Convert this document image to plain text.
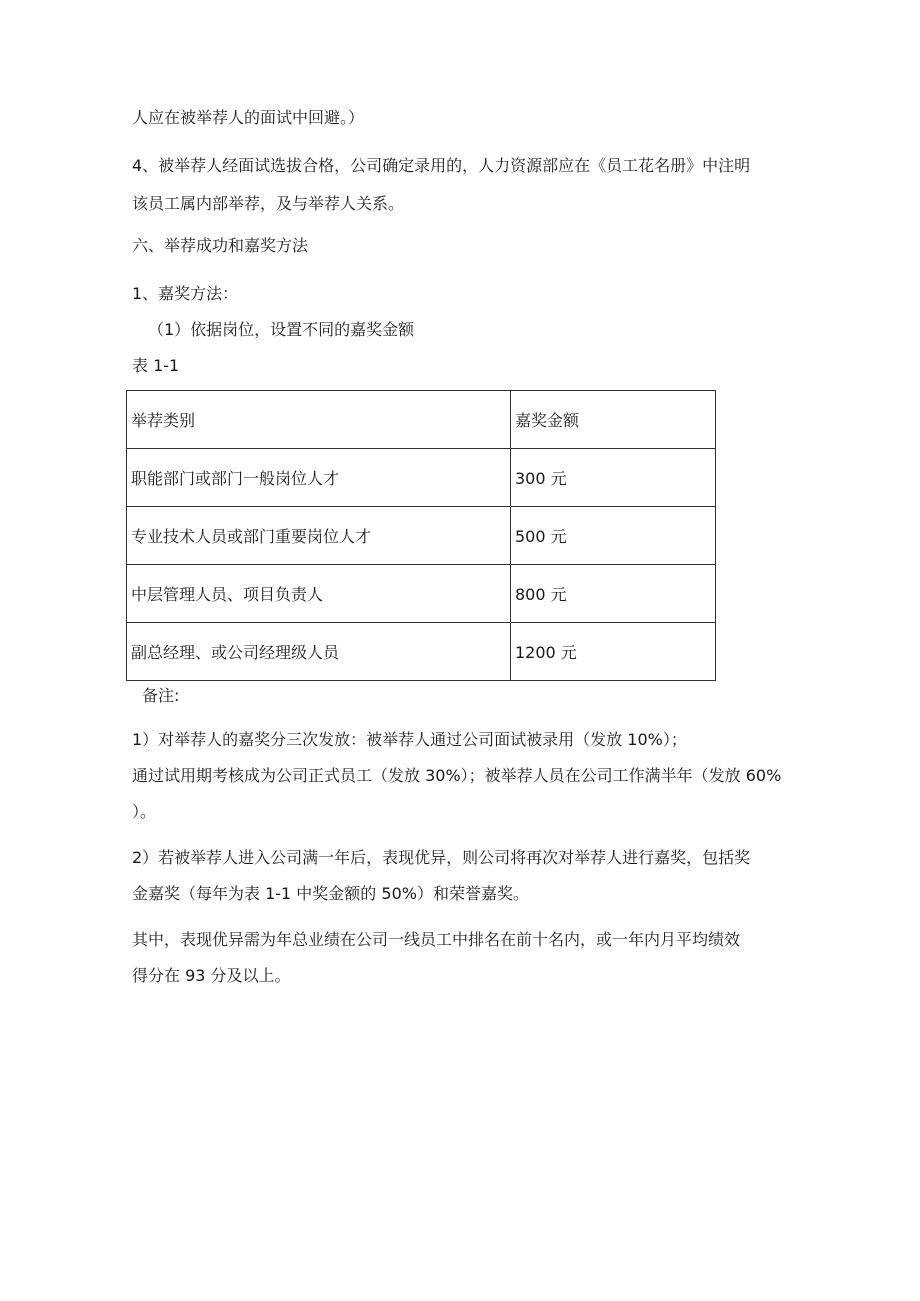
人应在被举荐人的面试中回避。）
4、被举荐人经面试选拔合格，公司确定录用的，人力资源部应在《员工花名册》中注明
该员工属内部举荐，及与举荐人关系。
六、举荐成功和嘉奖方法
1、嘉奖方法：
（1）依据岗位，设置不同的嘉奖金额
表 1-1
举荐类别	嘉奖金额
职能部门或部门一般岗位人才	300 元
专业技术人员或部门重要岗位人才	500 元
中层管理人员、项目负责人	800 元
副总经理、或公司经理级人员	1200 元
备注:
1）对举荐人的嘉奖分三次发放：被举荐人通过公司面试被录用（发放 10%）；
通过试用期考核成为公司正式员工（发放 30%）；被举荐人员在公司工作满半年（发放 60%
）。
2）若被举荐人进入公司满一年后，表现优异，则公司将再次对举荐人进行嘉奖，包括奖
金嘉奖（每年为表 1-1 中奖金额的 50%）和荣誉嘉奖。
其中，表现优异需为年总业绩在公司一线员工中排名在前十名内，或一年内月平均绩效
得分在 93 分及以上。
